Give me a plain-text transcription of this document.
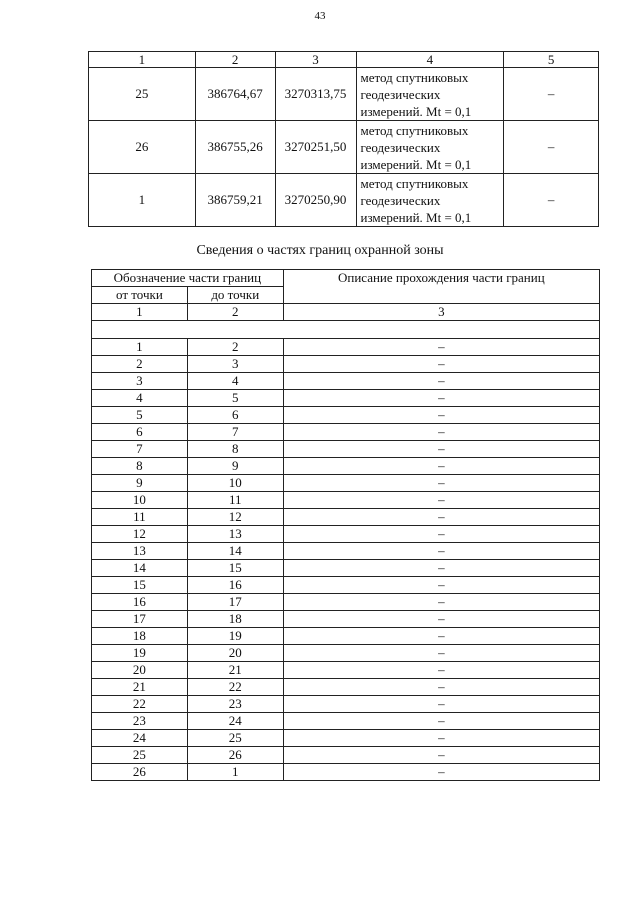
43
1	2	3	4	5
25	386764,67	3270313,75	метод спутниковых
геодезических
измерений. Mt = 0,1	–
26	386755,26	3270251,50	метод спутниковых
геодезических
измерений. Mt = 0,1	–
1	386759,21	3270250,90	метод спутниковых
геодезических
измерений. Mt = 0,1	–
Сведения о частях границ охранной зоны
Обозначение части границ		Описание прохождения части границ
от точки	до точки	
1	2	3

1	2	–
2	3	–
3	4	–
4	5	–
5	6	–
6	7	–
7	8	–
8	9	–
9	10	–
10	11	–
11	12	–
12	13	–
13	14	–
14	15	–
15	16	–
16	17	–
17	18	–
18	19	–
19	20	–
20	21	–
21	22	–
22	23	–
23	24	–
24	25	–
25	26	–
26	1	–
